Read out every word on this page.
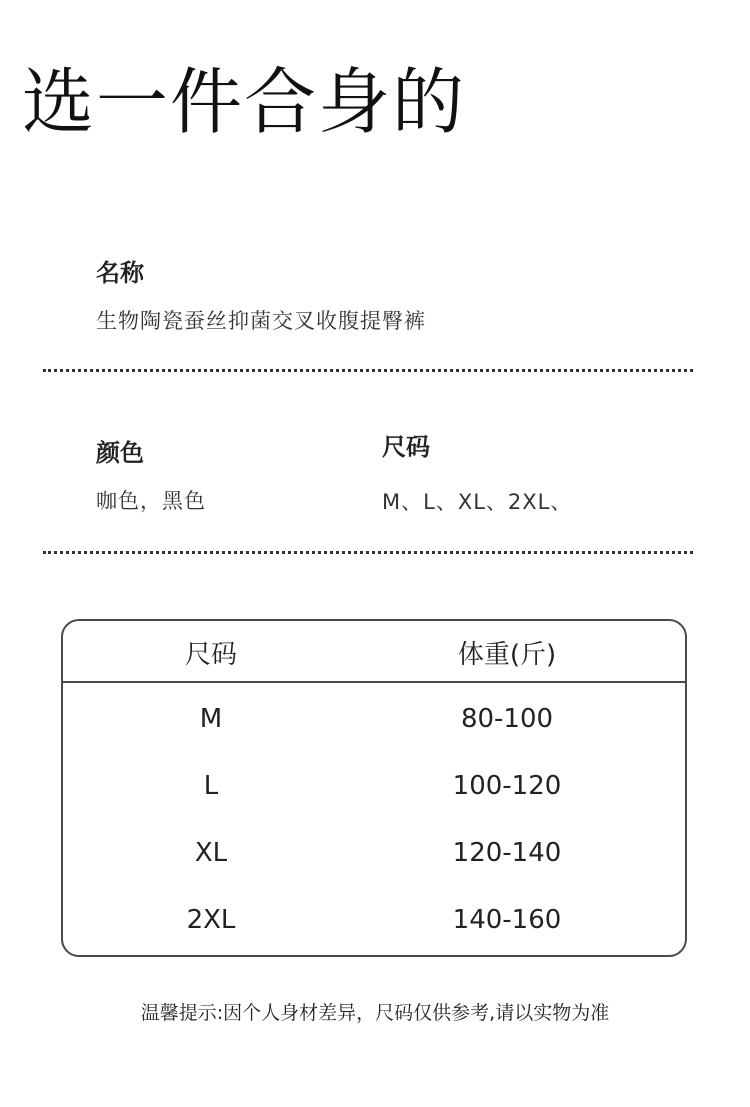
选一件合身的
名称
生物陶瓷蚕丝抑菌交叉收腹提臀裤
颜色
咖色，黑色
尺码
M、L、XL、2XL、
尺码	体重(斤)
M	80-100
L	100-120
XL	120-140
2XL	140-160
温馨提示:因个人身材差异，尺码仅供参考,请以实物为准
